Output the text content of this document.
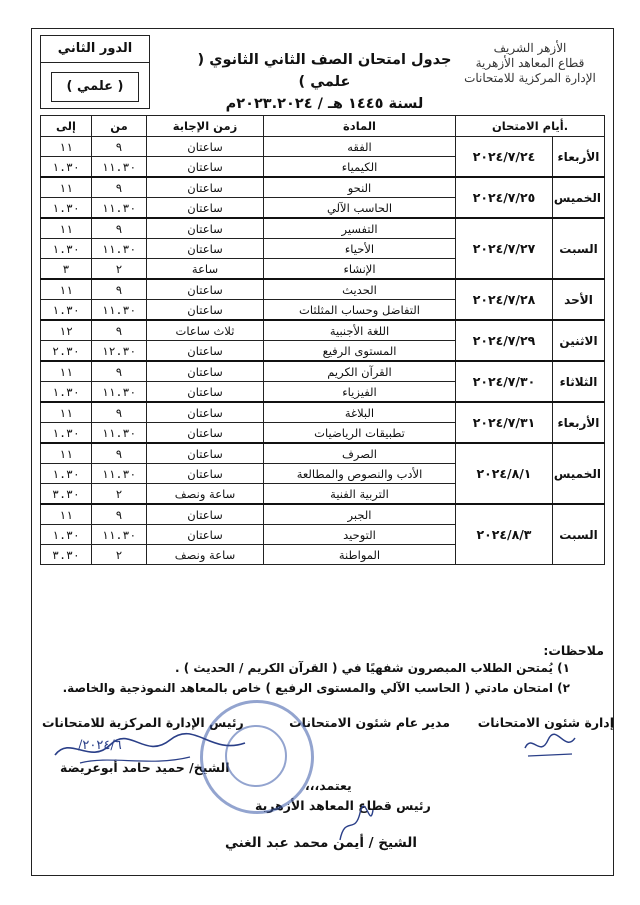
الأزهر الشريف
قطاع المعاهد الأزهرية
الإدارة المركزية للامتحانات
جدول امتحان الصف الثاني الثانوي ( علمي )
لسنة ١٤٤٥ هـ / ٢٠٢٣.٢٠٢٤م
الدور الثاني
( علمي )
.أيام الامتحان		المادة	زمن الإجابة	من	إلى
الأربعاء	٢٠٢٤/٧/٢٤	الفقه	ساعتان	٩	١١
		الكيمياء	ساعتان	١١.٣٠	١.٣٠
الخميس	٢٠٢٤/٧/٢٥	النحو	ساعتان	٩	١١
		الحاسب الآلي	ساعتان	١١.٣٠	١.٣٠
السبت	٢٠٢٤/٧/٢٧	التفسير	ساعتان	٩	١١
		الأحياء	ساعتان	١١.٣٠	١.٣٠
		الإنشاء	ساعة	٢	٣
الأحد	٢٠٢٤/٧/٢٨	الحديث	ساعتان	٩	١١
		التفاضل وحساب المثلثات	ساعتان	١١.٣٠	١.٣٠
الاثنين	٢٠٢٤/٧/٢٩	اللغة الأجنبية	ثلاث ساعات	٩	١٢
		المستوى الرفيع	ساعتان	١٢.٣٠	٢.٣٠
الثلاثاء	٢٠٢٤/٧/٣٠	القرآن الكريم	ساعتان	٩	١١
		الفيزياء	ساعتان	١١.٣٠	١.٣٠
الأربعاء	٢٠٢٤/٧/٣١	البلاغة	ساعتان	٩	١١
		تطبيقات الرياضيات	ساعتان	١١.٣٠	١.٣٠
الخميس	٢٠٢٤/٨/١	الصرف	ساعتان	٩	١١
		الأدب والنصوص والمطالعة	ساعتان	١١.٣٠	١.٣٠
		التربية الفنية	ساعة ونصف	٢	٣.٣٠
السبت	٢٠٢٤/٨/٣	الجبر	ساعتان	٩	١١
		التوحيد	ساعتان	١١.٣٠	١.٣٠
		المواطنة	ساعة ونصف	٢	٣.٣٠
ملاحظات:
١) يُمتحن الطلاب المبصرون شفهيًا في ( القرآن الكريم / الحديث ) .
٢) امتحان مادتي ( الحاسب الآلي والمستوى الرفيع ) خاص بالمعاهد النموذجية والخاصة.
إدارة شئون الامتحانات
مدير عام شئون الامتحانات
رئيس الإدارة المركزية للامتحانات
٢٠٢٤/٦/
الشيخ/ حميد حامد أبوعريضة
يعتمد،،،
رئيس قطاع المعاهد الأزهرية
الشيخ / أيمن محمد عبد الغني
